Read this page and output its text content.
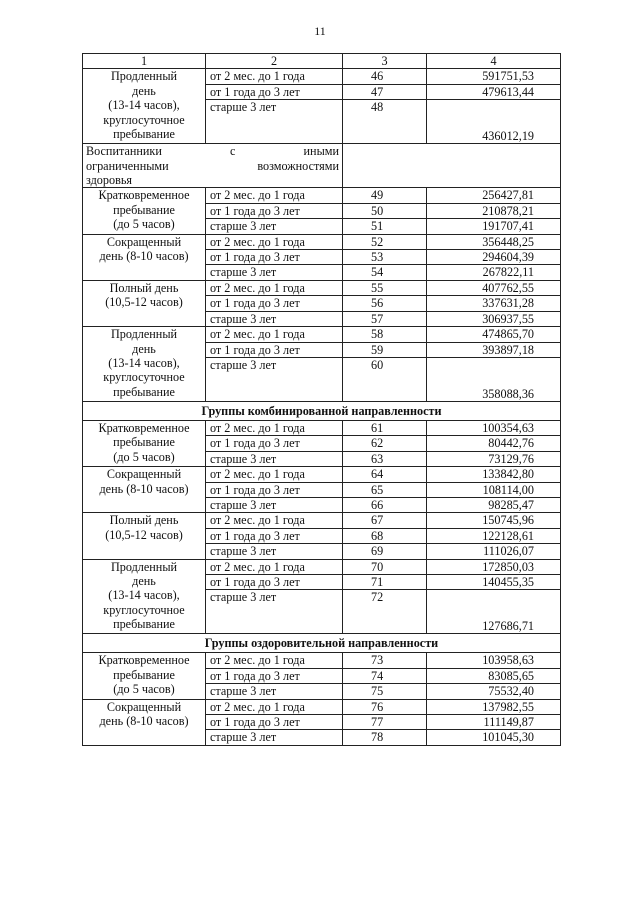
11
1	2	3	4
Продленный
день
(13-14 часов),
круглосуточное
пребывание	от 2 мес. до 1 года	46	591751,53
	от 1 года до 3 лет	47	479613,44
	старше 3 лет	48	436012,19

Воспитанники с иными
ограниченными возможностями
здоровья			
Кратковременное
пребывание
(до 5 часов)	от 2 мес. до 1 года	49	256427,81
	от 1 года до 3 лет	50	210878,21
	старше 3 лет	51	191707,41
Сокращенный
день (8-10 часов)	от 2 мес. до 1 года	52	356448,25
	от 1 года до 3 лет	53	294604,39
	старше 3 лет	54	267822,11
Полный день
(10,5-12 часов)	от 2 мес. до 1 года	55	407762,55
	от 1 года до 3 лет	56	337631,28
	старше 3 лет	57	306937,55
Продленный
день
(13-14 часов),
круглосуточное
пребывание	от 2 мес. до 1 года	58	474865,70
	от 1 года до 3 лет	59	393897,18
	старше 3 лет	60	358088,36
Группы комбинированной направленности			
Кратковременное
пребывание
(до 5 часов)	от 2 мес. до 1 года	61	100354,63
	от 1 года до 3 лет	62	80442,76
	старше 3 лет	63	73129,76
Сокращенный
день (8-10 часов)	от 2 мес. до 1 года	64	133842,80
	от 1 года до 3 лет	65	108114,00
	старше 3 лет	66	98285,47
Полный день
(10,5-12 часов)	от 2 мес. до 1 года	67	150745,96
	от 1 года до 3 лет	68	122128,61
	старше 3 лет	69	111026,07
Продленный
день
(13-14 часов),
круглосуточное
пребывание	от 2 мес. до 1 года	70	172850,03
	от 1 года до 3 лет	71	140455,35
	старше 3 лет	72	127686,71
Группы оздоровительной направленности			
Кратковременное
пребывание
(до 5 часов)	от 2 мес. до 1 года	73	103958,63
	от 1 года до 3 лет	74	83085,65
	старше 3 лет	75	75532,40
Сокращенный
день (8-10 часов)	от 2 мес. до 1 года	76	137982,55
	от 1 года до 3 лет	77	111149,87
	старше 3 лет	78	101045,30
